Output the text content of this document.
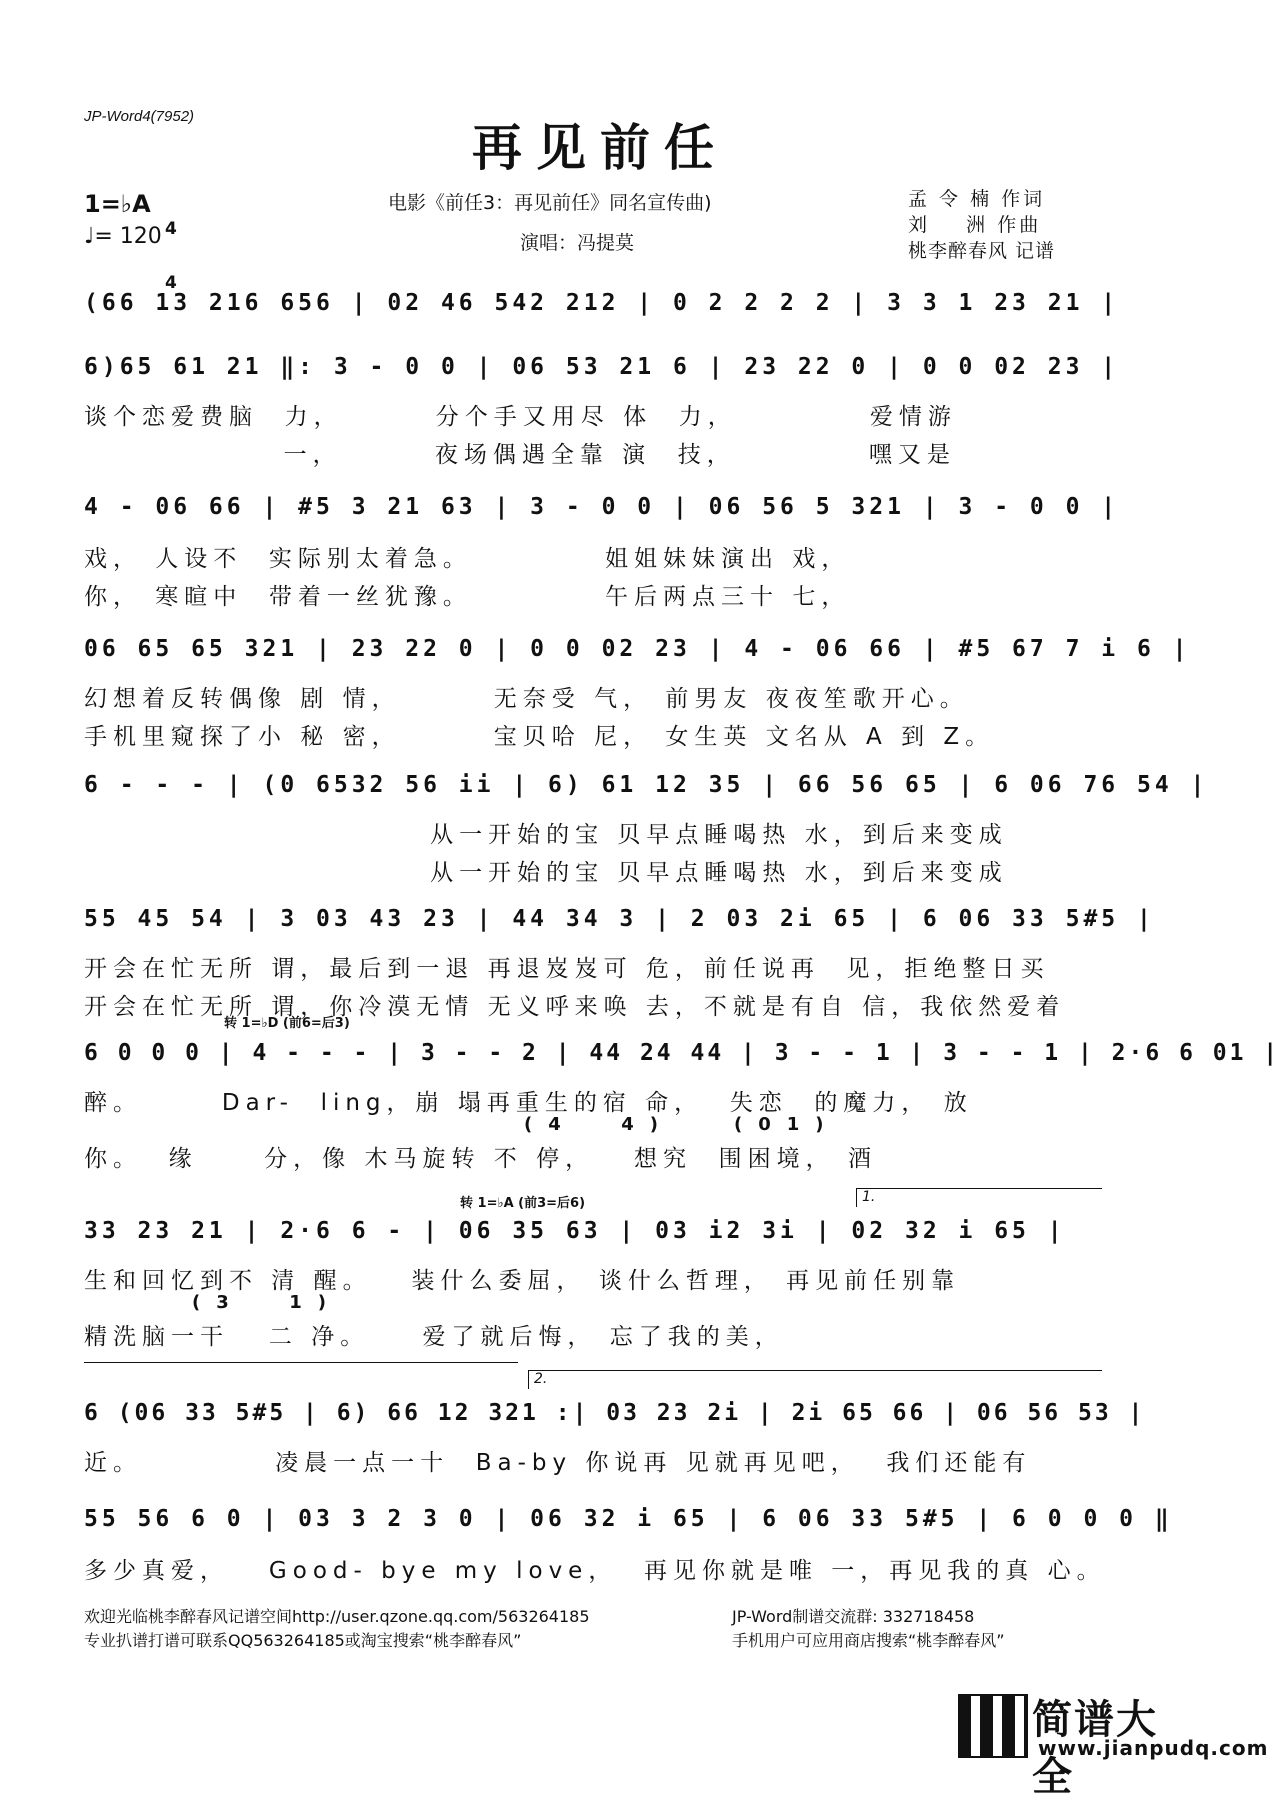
JP-Word4(7952)
再见前任
1=♭A

4

4

♩= 120
电影《前任3：再见前任》同名宣传曲)
演唱：冯提莫
孟 令 楠 作词
刘    洲 作曲
桃李醉春风 记谱
(66 13 216 656 | 02 46 542 212 | 0 2 2 2 2 | 3 3 1 23 21 |
6)65 61 21 ‖: 3 - 0 0 | 06 53 21 6 | 23 22 0 | 0 0 02 23 |
谈个恋爱费脑  力，       分个手又用尽 体  力，          爱情游
一，       夜场偶遇全靠 演  技，          嘿又是
4 - 06 66 | #5 3 21 63 | 3 - 0 0 | 06 56 5 321 | 3 - 0 0 |
戏， 人设不  实际别太着急。          姐姐妹妹演出 戏，
你， 寒暄中  带着一丝犹豫。          午后两点三十 七，
06 65 65 321 | 23 22 0 | 0 0 02 23 | 4 - 06 66 | #5 67 7 i 6 |
幻想着反转偶像 剧 情，       无奈受 气， 前男友 夜夜笙歌开心。
手机里窥探了小 秘 密，       宝贝哈 尼， 女生英 文名从 A 到 Z。
6 - - - | (0 6532 56 ii | 6) 61 12 35 | 66 56 65 | 6 06 76 54 |
从一开始的宝 贝早点睡喝热 水，到后来变成
从一开始的宝 贝早点睡喝热 水，到后来变成
55 45 54 | 3 03 43 23 | 44 34 3 | 2 03 2i 65 | 6 06 33 5#5 |
开会在忙无所 谓，最后到一退 再退岌岌可 危，前任说再  见，拒绝整日买
开会在忙无所 谓，你冷漠无情 无义呼来唤 去，不就是有自 信，我依然爱着
转 1=♭D (前6=后3)
6 0 0 0 | 4 - - - | 3 - - 2 | 44 24 44 | 3 - - 1 | 3 - - 1 | 2·6 6 01 |
醉。      Dar-  ling，崩 塌再重生的宿 命，  失恋  的魔力， 放
(4  4)	(01)
你。  缘     分，像 木马旋转 不 停，   想究  围困境， 酒
转 1=♭A (前3=后6)	1.
33 23 21 | 2·6 6 - | 06 35 63 | 03 i2 3i | 02 32 i 65 |
生和回忆到不 清 醒。   装什么委屈， 谈什么哲理， 再见前任别靠
(3  1)
精洗脑一干   二 净。    爱了就后悔， 忘了我的美，
2.
6 (06 33 5#5 | 6) 66 12 321 :| 03 23 2i | 2i 65 66 | 06 56 53 |
近。          凌晨一点一十  Ba-by 你说再 见就再见吧，  我们还能有
55 56 6 0 | 03 3 2 3 0 | 06 32 i 65 | 6 06 33 5#5 | 6 0 0 0 ‖
多少真爱，   Good- bye my love，  再见你就是唯 一，再见我的真 心。
欢迎光临桃李醉春风记谱空间http://user.qzone.qq.com/563264185	JP-Word制谱交流群: 332718458
专业扒谱打谱可联系QQ563264185或淘宝搜索“桃李醉春风”	手机用户可应用商店搜索“桃李醉春风”
简谱大全
www.jianpudq.com
